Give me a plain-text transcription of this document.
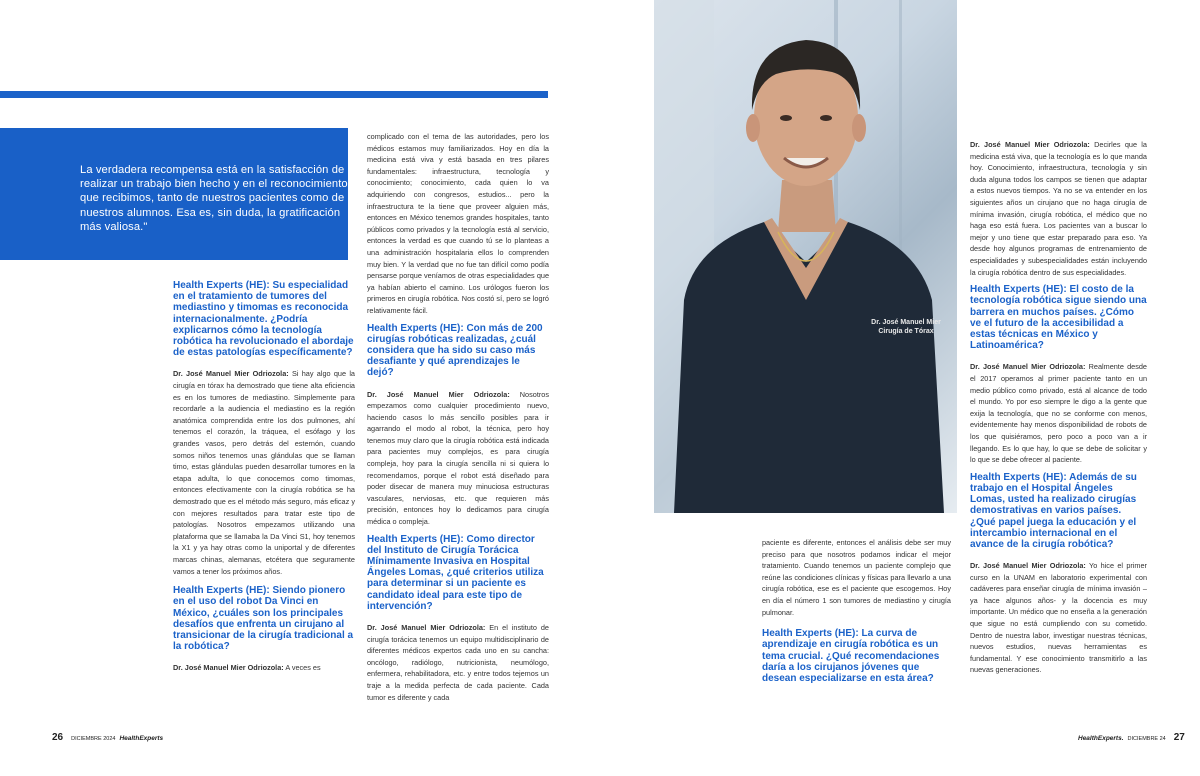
La verdadera recompensa está en la satisfacción de realizar un trabajo bien hecho y en el reconocimiento que recibimos, tanto de nuestros pacientes como de nuestros alumnos. Esa es, sin duda, la gratificación más valiosa."

Health Experts (HE): Su especialidad en el tratamiento de tumores del mediastino y timomas es reconocida internacionalmente. ¿Podría explicarnos cómo la tecnología robótica ha revolucionado el abordaje de estas patologías específicamente?

Dr. José Manuel Mier Odriozola: Si hay algo que la cirugía en tórax ha demostrado que tiene alta eficiencia es en los tumores de mediastino. Simplemente para recordarle a la audiencia el mediastino es la región anatómica comprendida entre los dos pulmones, ahí tenemos el corazón, la tráquea, el esófago y los grandes vasos, pero detrás del esternón, cuando somos niños tenemos unas glándulas que se llaman timo, estas glándulas pueden desarrollar tumores en la etapa adulta, lo que conocemos como timomas, entonces efectivamente con la cirugía robótica se ha demostrado que es el método más seguro, más eficaz y con mejores resultados para tratar este tipo de patologías. Nosotros empezamos utilizando una plataforma que se llamaba la Da Vinci S1, hoy tenemos la X1 y ya hay otras como la uniportal y de diferentes marcas chinas, alemanas, etcétera que seguramente vamos a tener los próximos años.

Health Experts (HE): Siendo pionero en el uso del robot Da Vinci en México, ¿cuáles son los principales desafíos que enfrenta un cirujano al transicionar de la cirugía tradicional a la robótica?

Dr. José Manuel Mier Odriozola: A veces es

complicado con el tema de las autoridades, pero los médicos estamos muy familiarizados. Hoy en día la medicina está viva y está basada en tres pilares fundamentales: infraestructura, tecnología y conocimiento; conocimiento, cada quien lo va adquiriendo con congresos, estudios... pero la infraestructura te la tiene que proveer alguien más, entonces en México tenemos grandes hospitales, tanto públicos como privados y la tecnología está al servicio, entonces la verdad es que cuando tú se lo planteas a una administración hospitalaria ellos lo comprenden muy bien. Y la verdad que no fue tan difícil como podía pensarse porque veníamos de otras especialidades que ya habían abierto el camino. Los urólogos fueron los primeros en cirugía robótica. Nos costó sí, pero se logró relativamente fácil.

Health Experts (HE): Con más de 200 cirugías robóticas realizadas, ¿cuál considera que ha sido su caso más desafiante y qué aprendizajes le dejó?

Dr. José Manuel Mier Odriozola: Nosotros empezamos como cualquier procedimiento nuevo, haciendo casos lo más sencillo posibles para ir agarrando el modo al robot, la técnica, pero hoy tenemos muy claro que la cirugía robótica está indicada para pacientes muy complejos, es para cirugía compleja, hoy para la cirugía sencilla ni si quiera lo recomendamos, porque el robot está diseñado para poder disecar de manera muy minuciosa estructuras vasculares, nerviosas, etc. que requieren más precisión, entonces hoy lo dedicamos para cirugía médica o compleja.

Health Experts (HE): Como director del Instituto de Cirugía Torácica Mínimamente Invasiva en Hospital Ángeles Lomas, ¿qué criterios utiliza para determinar si un paciente es candidato ideal para este tipo de intervención?

Dr. José Manuel Mier Odriozola: En el instituto de cirugía torácica tenemos un equipo multidisciplinario de diferentes médicos expertos cada uno en su cancha: oncólogo, radiólogo, nutricionista, neumólogo, enfermera, rehabilitadora, etc. y entre todos tejemos un traje a la medida perfecta de cada paciente. Cada tumor es diferente y cada

Dr. José Manuel Mier
Cirugía de Tórax

paciente es diferente, entonces el análisis debe ser muy preciso para que nosotros podamos indicar el mejor tratamiento. Cuando tenemos un paciente complejo que reúne las condiciones clínicas y físicas para llevarlo a una cirugía robótica, ese es el paciente que escogemos. Hoy en día el número 1 son tumores de mediastino y cirugía pulmonar.

Health Experts (HE): La curva de aprendizaje en cirugía robótica es un tema crucial. ¿Qué recomendaciones daría a los cirujanos jóvenes que desean especializarse en esta área?

Dr. José Manuel Mier Odriozola: Decirles que la medicina está viva, que la tecnología es lo que manda hoy. Conocimiento, infraestructura, tecnología y sin duda alguna todos los campos se tienen que adaptar a estos nuevos tiempos. Ya no se va entender en los siguientes años un cirujano que no haga cirugía de mínima invasión, cirugía robótica, el médico que no haga eso está fuera. Los pacientes van a buscar lo mejor y uno tiene que estar preparado para eso. Ya desde hoy algunos programas de entrenamiento de especialidades y subespecialidades están incluyendo la cirugía robótica dentro de sus especialidades.

Health Experts (HE): El costo de la tecnología robótica sigue siendo una barrera en muchos países. ¿Cómo ve el futuro de la accesibilidad a estas técnicas en México y Latinoamérica?

Dr. José Manuel Mier Odriozola: Realmente desde el 2017 operamos al primer paciente tanto en un medio público como privado, está al alcance de todo el mundo. Yo por eso siempre le digo a la gente que exija la tecnología, que no se conforme con menos, evidentemente hay menos disponibilidad de robots de los que quisiéramos, pero poco a poco van a ir llegando. Es lo que hay, lo que se debe de solicitar y lo que se debe ofrecer al paciente.

Health Experts (HE): Además de su trabajo en el Hospital Ángeles Lomas, usted ha realizado cirugías demostrativas en varios países. ¿Qué papel juega la educación y el intercambio internacional en el avance de la cirugía robótica?

Dr. José Manuel Mier Odriozola: Yo hice el primer curso en la UNAM en laboratorio experimental con cadáveres para enseñar cirugía de mínima invasión – ya hace algunos años- y la docencia es muy importante. Un médico que no enseña a la generación que sigue no está cumpliendo con su cometido. Dentro de nuestra labor, investigar nuestras técnicas, nuevos estudios, nuevas herramientas es fundamental. Y ese conocimiento transmitirlo a las nuevas generaciones.

26 DICIEMBRE 2024 HealthExperts	HealthExperts. DICIEMBRE 24 27
